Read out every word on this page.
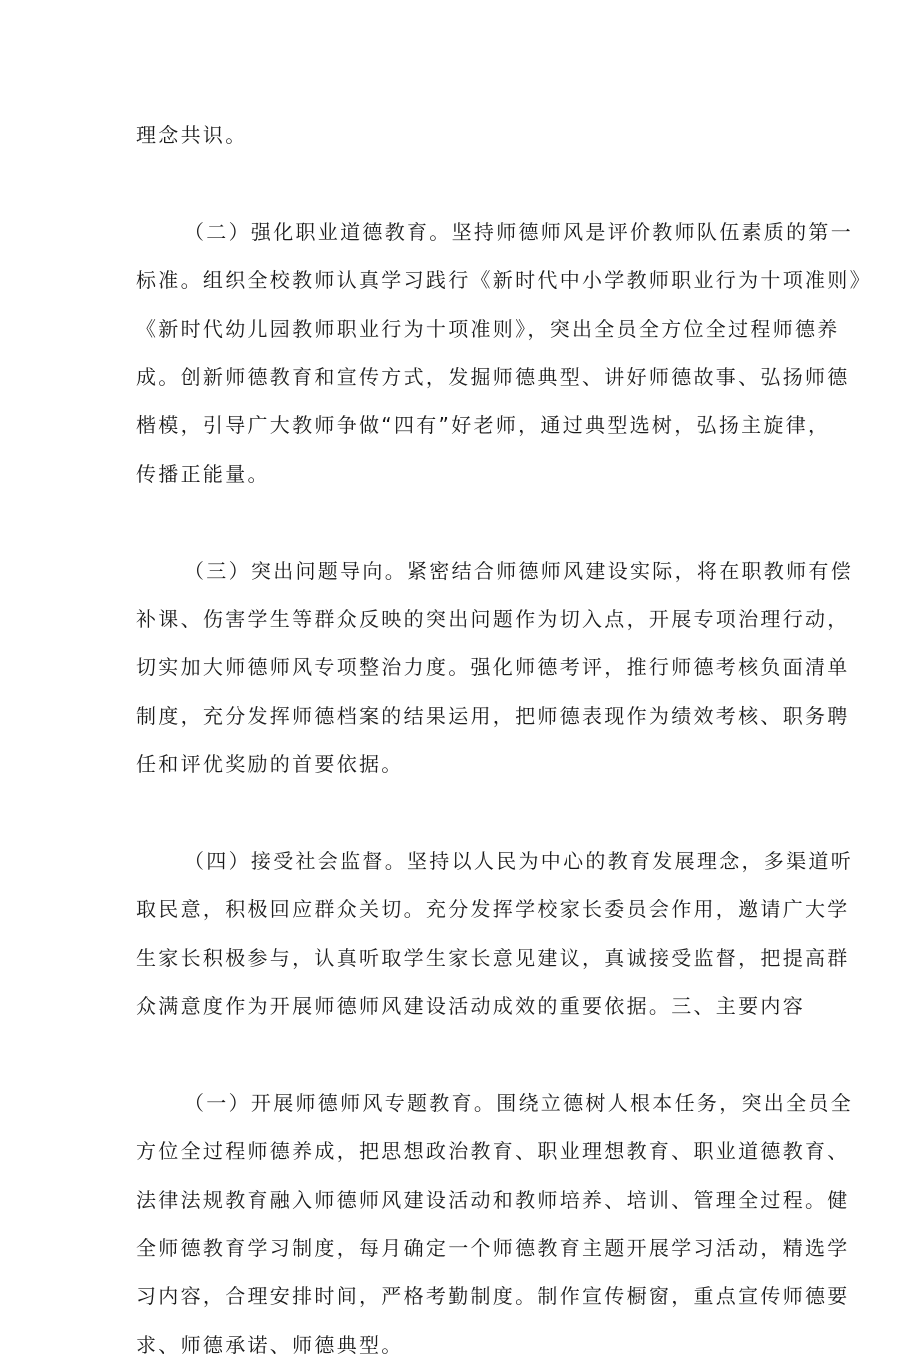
理念共识。
（二）强化职业道德教育。坚持师德师风是评价教师队伍素质的第一
标准。组织全校教师认真学习践行《新时代中小学教师职业行为十项准则》
《新时代幼儿园教师职业行为十项准则》，突出全员全方位全过程师德养
成。创新师德教育和宣传方式，发掘师德典型、讲好师德故事、弘扬师德
楷模，引导广大教师争做“四有”好老师，通过典型选树，弘扬主旋律，
传播正能量。
（三）突出问题导向。紧密结合师德师风建设实际，将在职教师有偿
补课、伤害学生等群众反映的突出问题作为切入点，开展专项治理行动，
切实加大师德师风专项整治力度。强化师德考评，推行师德考核负面清单
制度，充分发挥师德档案的结果运用，把师德表现作为绩效考核、职务聘
任和评优奖励的首要依据。
（四）接受社会监督。坚持以人民为中心的教育发展理念，多渠道听
取民意，积极回应群众关切。充分发挥学校家长委员会作用，邀请广大学
生家长积极参与，认真听取学生家长意见建议，真诚接受监督，把提高群
众满意度作为开展师德师风建设活动成效的重要依据。三、主要内容
（一）开展师德师风专题教育。围绕立德树人根本任务，突出全员全
方位全过程师德养成，把思想政治教育、职业理想教育、职业道德教育、
法律法规教育融入师德师风建设活动和教师培养、培训、管理全过程。健
全师德教育学习制度，每月确定一个师德教育主题开展学习活动，精选学
习内容，合理安排时间，严格考勤制度。制作宣传橱窗，重点宣传师德要
求、师德承诺、师德典型。
